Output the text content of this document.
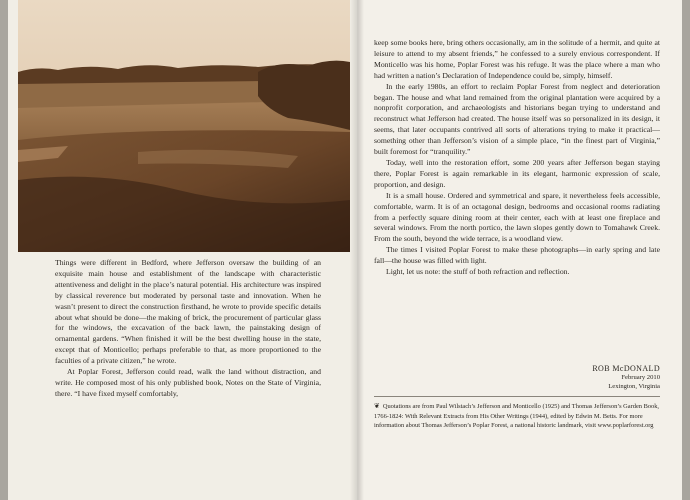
Things were different in Bedford, where Jefferson oversaw the building of an exquisite main house and establishment of the landscape with characteristic attentiveness and delight in the place’s natural potential. His architecture was inspired by classical reverence but moderated by personal taste and innovation. When he wasn’t present to direct the construction firsthand, he wrote to provide specific details about what should be done—the making of brick, the procurement of particular glass for the windows, the excavation of the back lawn, the painstaking design of ornamental gardens. “When finished it will be the best dwelling house in the state, except that of Monticello; perhaps preferable to that, as more proportioned to the faculties of a private citizen,” he wrote.

At Poplar Forest, Jefferson could read, walk the land without distraction, and write. He composed most of his only published book, Notes on the State of Virginia, there. “I have fixed myself comfortably,

keep some books here, bring others occasionally, am in the solitude of a hermit, and quite at leisure to attend to my absent friends,” he confessed to a surely envious correspondent. If Monticello was his home, Poplar Forest was his refuge. It was the place where a man who had written a nation’s Declaration of Independence could be, simply, himself.

In the early 1980s, an effort to reclaim Poplar Forest from neglect and deterioration began. The house and what land remained from the original plantation were acquired by a nonprofit corporation, and archaeologists and historians began trying to understand and reconstruct what Jefferson had created. The house itself was so personalized in its design, it seems, that later occupants contrived all sorts of alterations trying to make it practical—something other than Jefferson’s vision of a simple place, “in the finest part of Virginia,” built foremost for “tranquility.”

Today, well into the restoration effort, some 200 years after Jefferson began staying there, Poplar Forest is again remarkable in its elegant, harmonic expression of scale, proportion, and design.

It is a small house. Ordered and symmetrical and spare, it nevertheless feels accessible, comfortable, warm. It is of an octagonal design, bedrooms and occasional rooms radiating from a perfectly square dining room at their center, each with at least one fireplace and several windows. From the north portico, the lawn slopes gently down to Tomahawk Creek. From the south, beyond the wide terrace, is a woodland view.

The times I visited Poplar Forest to make these photographs—in early spring and late fall—the house was filled with light.

Light, let us note: the stuff of both refraction and reflection.

ROB McDONALD
February 2010
Lexington, Virginia
❦ Quotations are from Paul Wilstach’s Jefferson and Monticello (1925) and Thomas Jefferson’s Garden Book, 1766-1824: With Relevant Extracts from His Other Writings (1944), edited by Edwin M. Betts. For more information about Thomas Jefferson’s Poplar Forest, a national historic landmark, visit www.poplarforest.org
